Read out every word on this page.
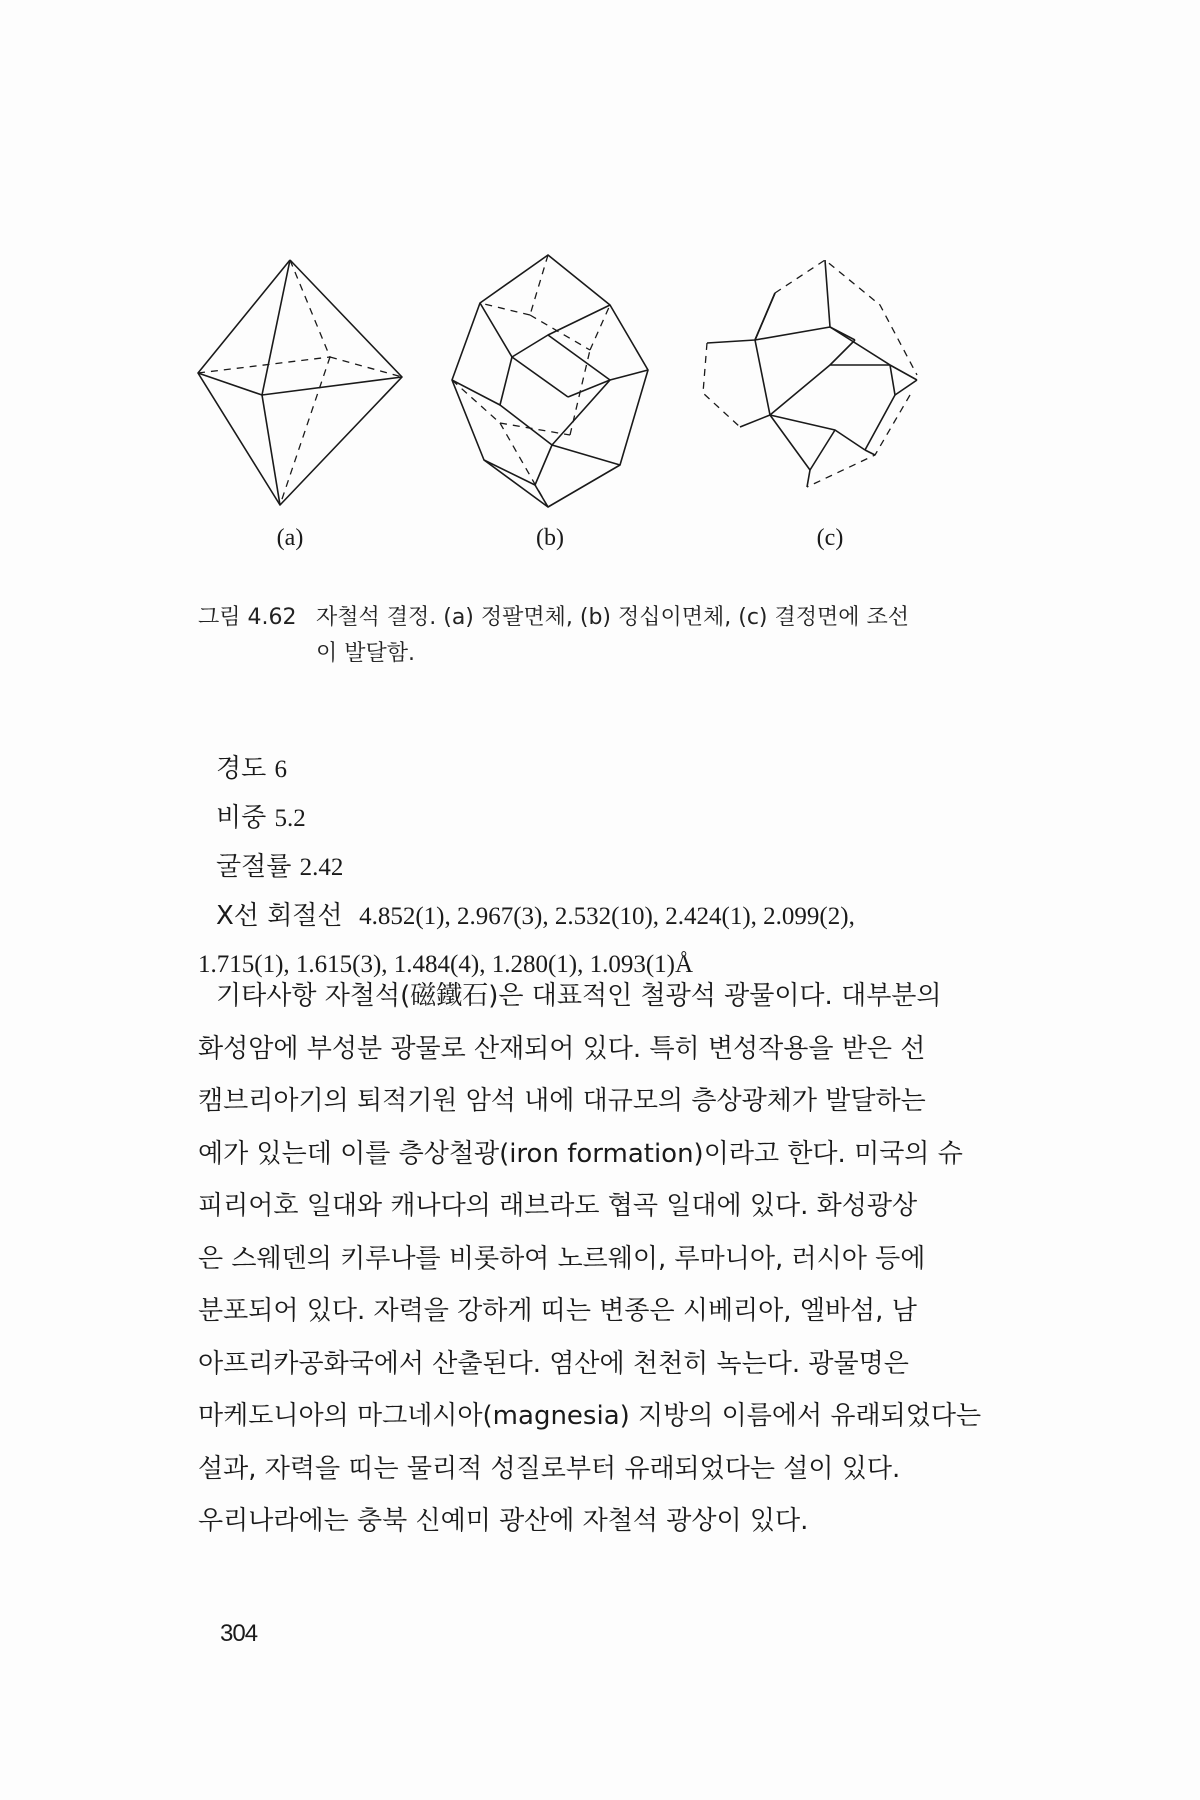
(a)	(b)	(c)
그림 4.62 자철석 결정. (a) 정팔면체, (b) 정십이면체, (c) 결정면에 조선
이 발달함.
경도 6
비중 5.2
굴절률 2.42
X선 회절선 4.852(1), 2.967(3), 2.532(10), 2.424(1), 2.099(2),
1.715(1), 1.615(3), 1.484(4), 1.280(1), 1.093(1)Å
기타사항 자철석(磁鐵石)은 대표적인 철광석 광물이다. 대부분의
화성암에 부성분 광물로 산재되어 있다. 특히 변성작용을 받은 선
캠브리아기의 퇴적기원 암석 내에 대규모의 층상광체가 발달하는
예가 있는데 이를 층상철광(iron formation)이라고 한다. 미국의 슈
피리어호 일대와 캐나다의 래브라도 협곡 일대에 있다. 화성광상
은 스웨덴의 키루나를 비롯하여 노르웨이, 루마니아, 러시아 등에
분포되어 있다. 자력을 강하게 띠는 변종은 시베리아, 엘바섬, 남
아프리카공화국에서 산출된다. 염산에 천천히 녹는다. 광물명은
마케도니아의 마그네시아(magnesia) 지방의 이름에서 유래되었다는
설과, 자력을 띠는 물리적 성질로부터 유래되었다는 설이 있다.
우리나라에는 충북 신예미 광산에 자철석 광상이 있다.
304
